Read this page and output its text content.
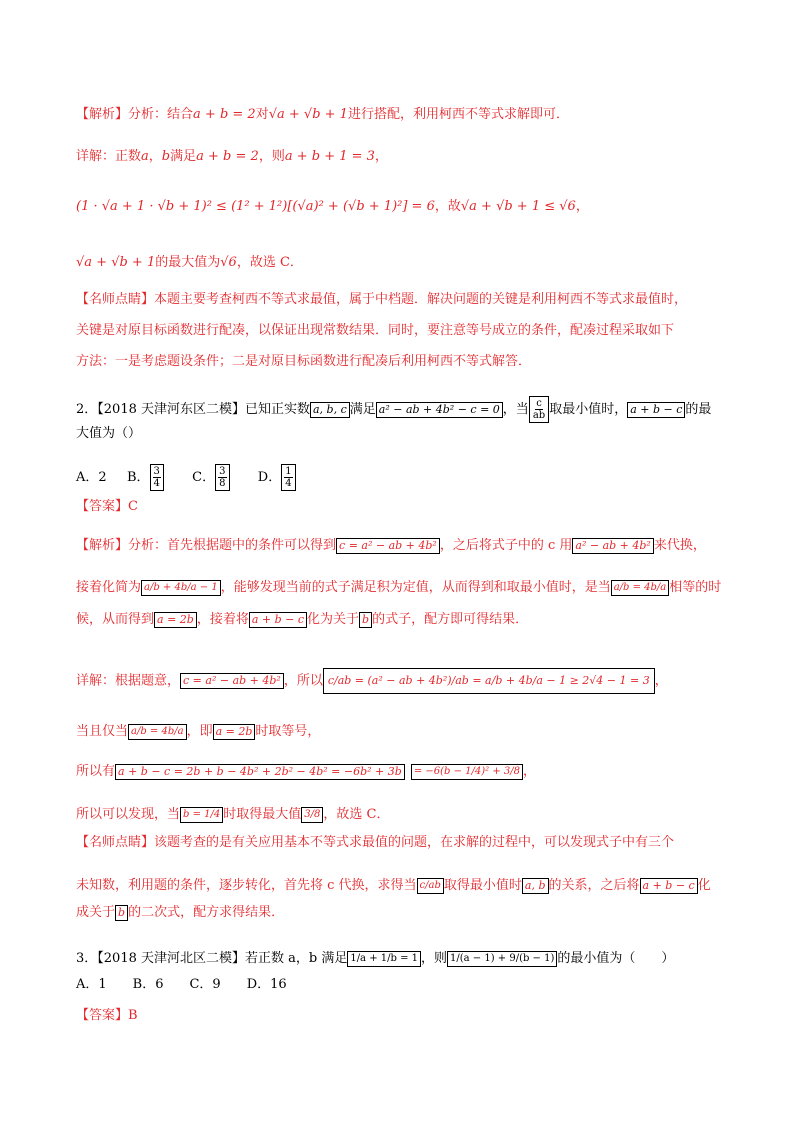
【解析】分析：结合a + b = 2对√a + √b + 1进行搭配，利用柯西不等式求解即可．
详解：正数a，b满足a + b = 2，则a + b + 1 = 3，
(1 · √a + 1 · √b + 1)² ≤ (1² + 1²)[(√a)² + (√b + 1)²] = 6，故√a + √b + 1 ≤ √6，
√a + √b + 1的最大值为√6，故选 C．
【名师点睛】本题主要考查柯西不等式求最值，属于中档题．解决问题的关键是利用柯西不等式求最值时，
关键是对原目标函数进行配凑，以保证出现常数结果．同时，要注意等号成立的条件，配凑过程采取如下
方法：一是考虑题设条件；二是对原目标函数进行配凑后利用柯西不等式解答．
2．【2018 天津河东区二模】已知正实数 a, b, c 满足 a² − ab + 4b² − c = 0 ，当 $\frac{c}{ab}$ 取最小值时， a + b − c 的最
大值为（）
A．2 B． $\frac{3}{4}$ C． $\frac{3}{8}$ D． $\frac{1}{4}$
【答案】C
【解析】分析：首先根据题中的条件可以得到 c = a² − ab + 4b² ，之后将式子中的 c 用 a² − ab + 4b² 来代换，
接着化简为 a/b + 4b/a − 1 ，能够发现当前的式子满足积为定值，从而得到和取最小值时，是当 a/b = 4b/a 相等的时
候，从而得到 a = 2b ，接着将 a + b − c 化为关于 b 的式子，配方即可得结果．
详解：根据题意， c = a² − ab + 4b² ，所以 c/ab = (a² − ab + 4b²)/ab = a/b + 4b/a − 1 ≥ 2√4 − 1 = 3 ，
当且仅当 a/b = 4b/a ，即 a = 2b 时取等号，
所以有 a + b − c = 2b + b − 4b² + 2b² − 4b² = −6b² + 3b = −6(b − 1/4)² + 3/8 ，
所以可以发现，当 b = 1/4 时取得最大值 3/8 ，故选 C．
【名师点睛】该题考查的是有关应用基本不等式求最值的问题，在求解的过程中，可以发现式子中有三个
未知数，利用题的条件，逐步转化，首先将 c 代换，求得当 c/ab 取得最小值时 a, b 的关系，之后将 a + b − c 化
成关于 b 的二次式，配方求得结果．
3．【2018 天津河北区二模】若正数 a，b 满足 1/a + 1/b = 1 ，则 1/(a − 1) + 9/(b − 1) 的最小值为（　　）
A．1　　B．6　　C．9　　D．16
【答案】B
